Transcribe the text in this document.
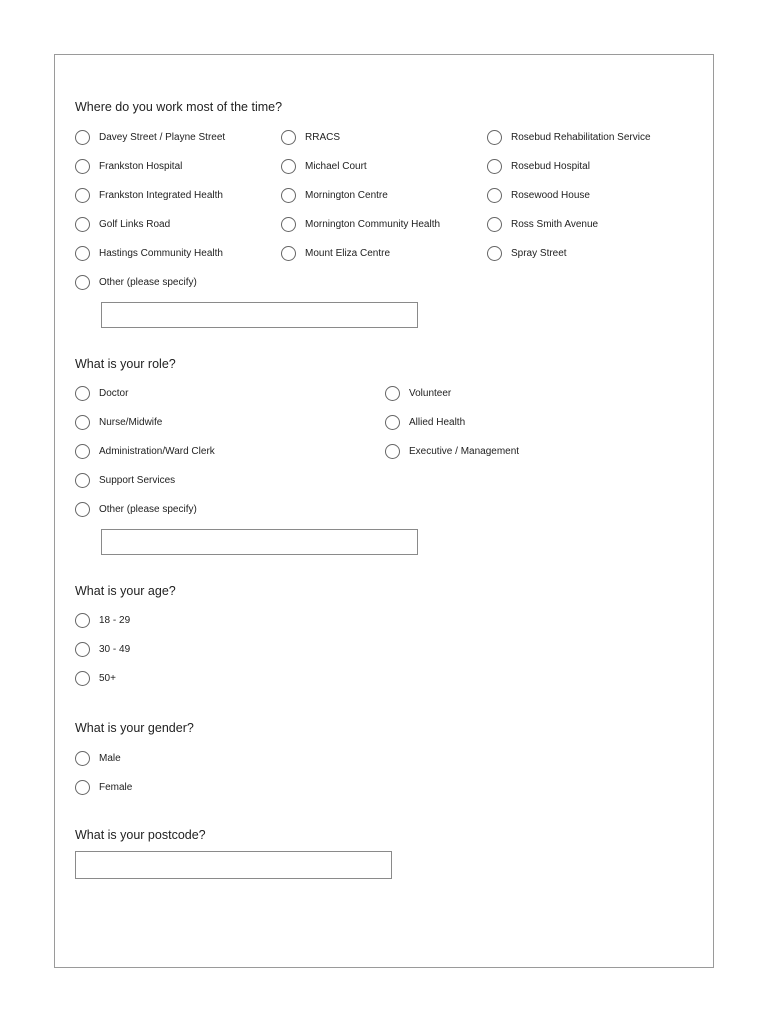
Where do you work most of the time?
Davey Street / Playne Street
Frankston Hospital
Frankston Integrated Health
Golf Links Road
Hastings Community Health
Other (please specify)
RRACS
Michael Court
Mornington Centre
Mornington Community Health
Mount Eliza Centre
Rosebud Rehabilitation Service
Rosebud Hospital
Rosewood House
Ross Smith Avenue
Spray Street
What is your role?
Doctor
Nurse/Midwife
Administration/Ward Clerk
Support Services
Other (please specify)
Volunteer
Allied Health
Executive / Management
What is your age?
18 - 29
30 - 49
50+
What is your gender?
Male
Female
What is your postcode?
